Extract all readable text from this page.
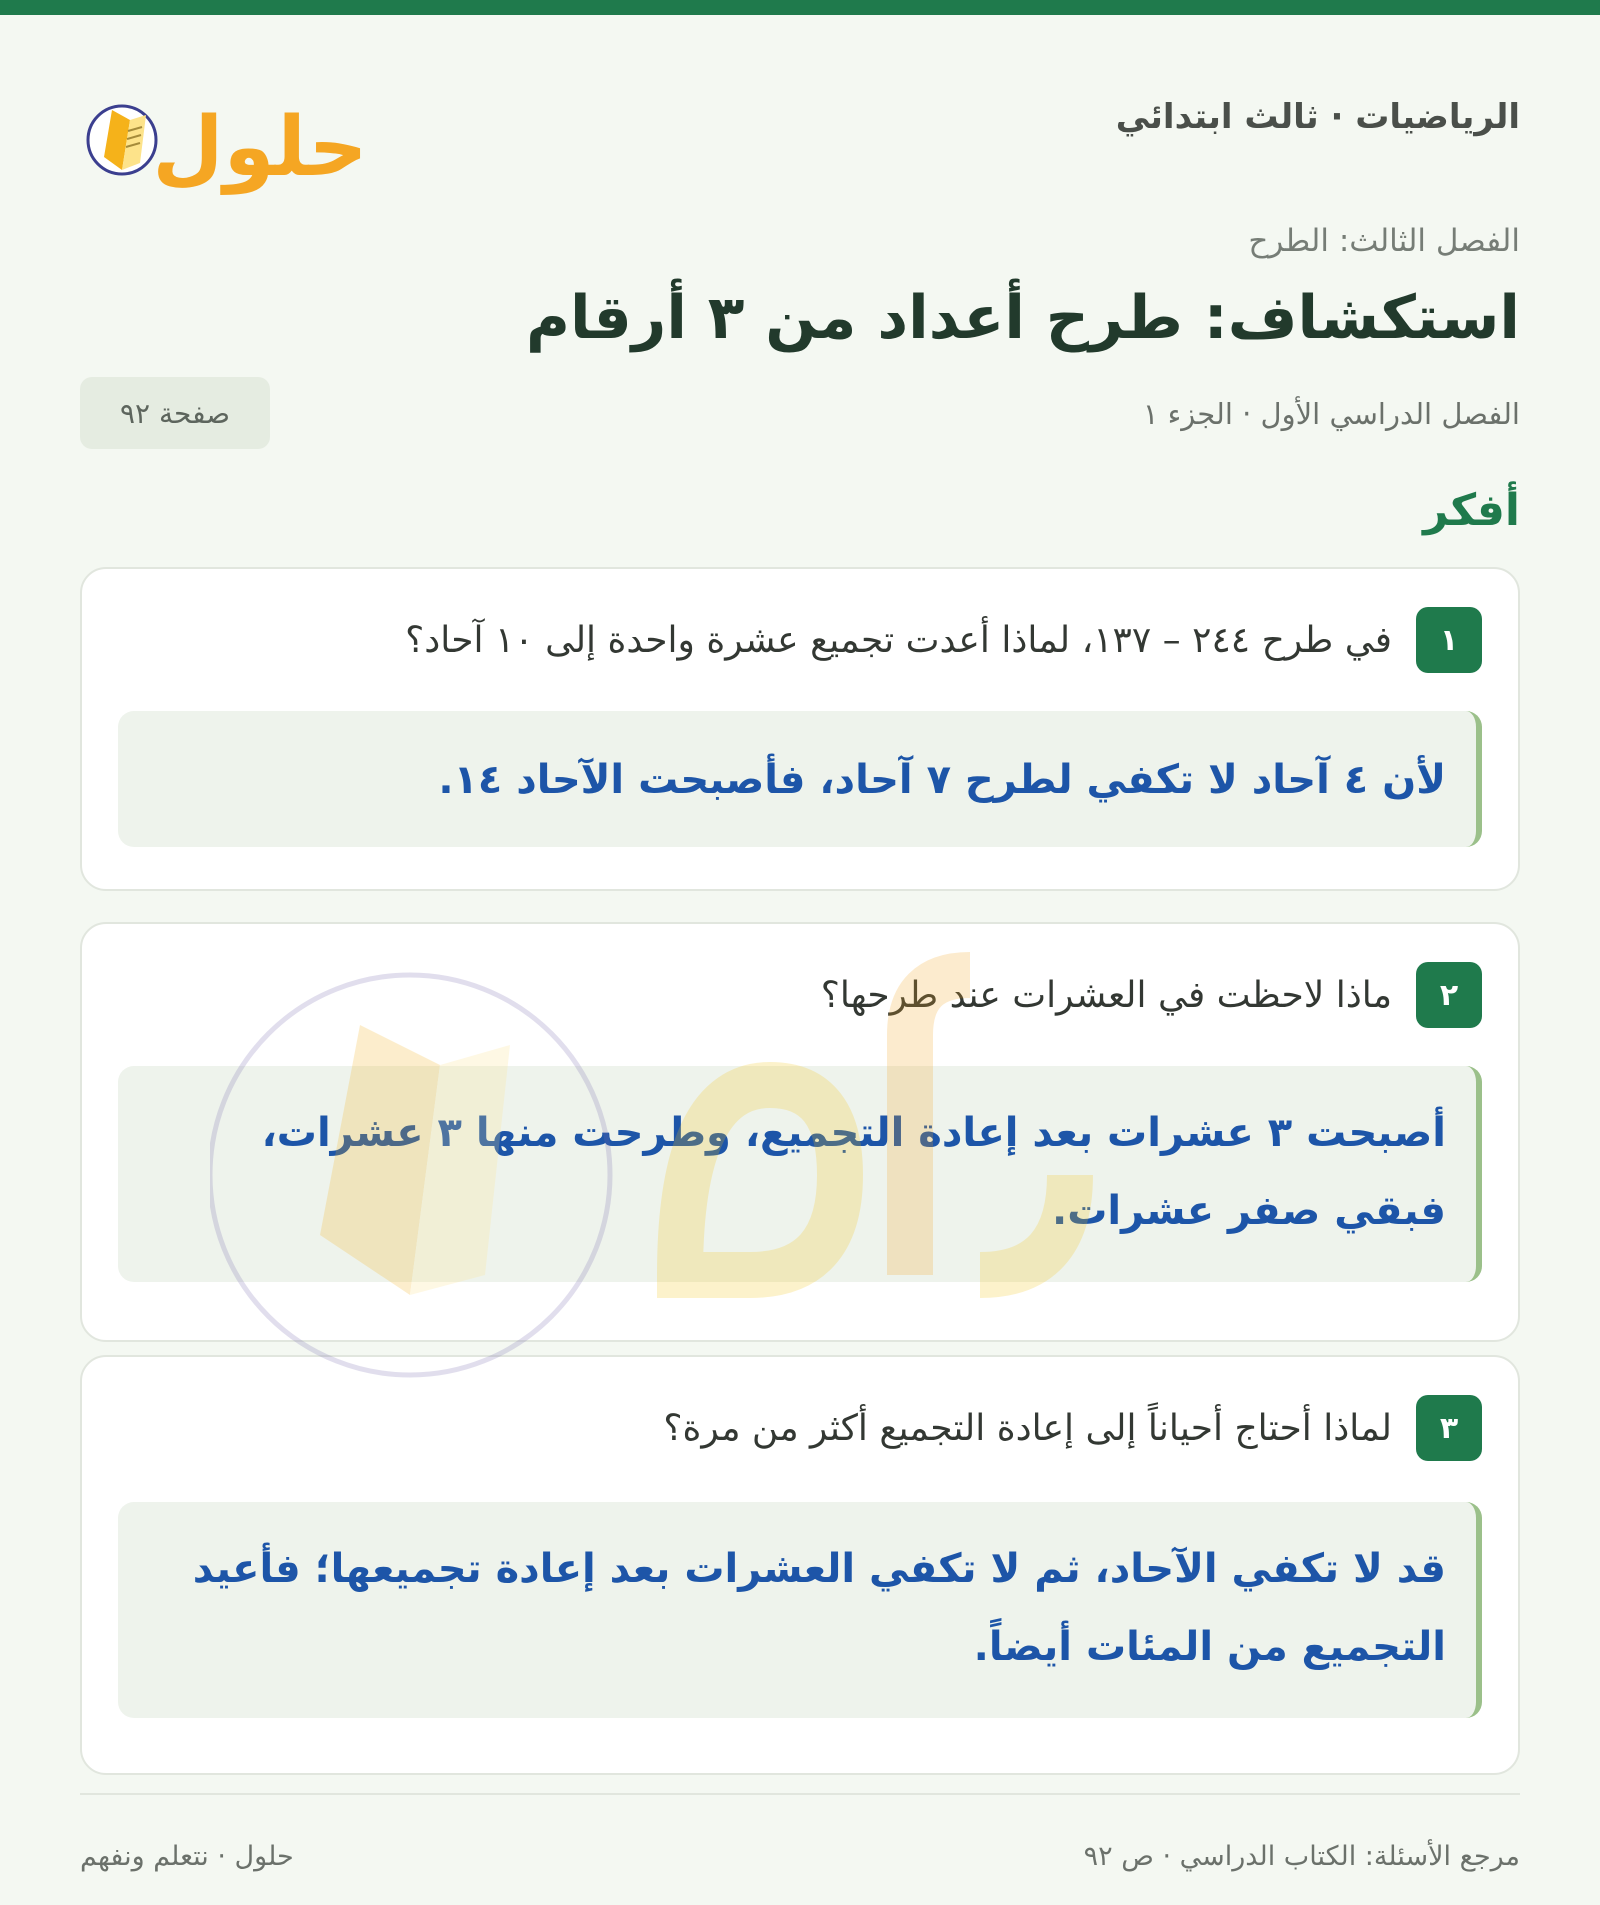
الرياضيات · ثالث ابتدائي
حلول
الفصل الثالث: الطرح
استكشاف: طرح أعداد من ٣ أرقام
الفصل الدراسي الأول · الجزء ١
صفحة ٩٢
أفكر
١
في طرح ٢٤٤ – ١٣٧، لماذا أعدت تجميع عشرة واحدة إلى ١٠ آحاد؟
لأن ٤ آحاد لا تكفي لطرح ٧ آحاد، فأصبحت الآحاد ١٤.
٢
ماذا لاحظت في العشرات عند طرحها؟
أصبحت ٣ عشرات بعد إعادة التجميع، وطرحت منها ٣ عشرات، فبقي صفر عشرات.
٣
لماذا أحتاج أحياناً إلى إعادة التجميع أكثر من مرة؟
قد لا تكفي الآحاد، ثم لا تكفي العشرات بعد إعادة تجميعها؛ فأعيد التجميع من المئات أيضاً.
مرجع الأسئلة: الكتاب الدراسي · ص ٩٢
حلول · نتعلم ونفهم
